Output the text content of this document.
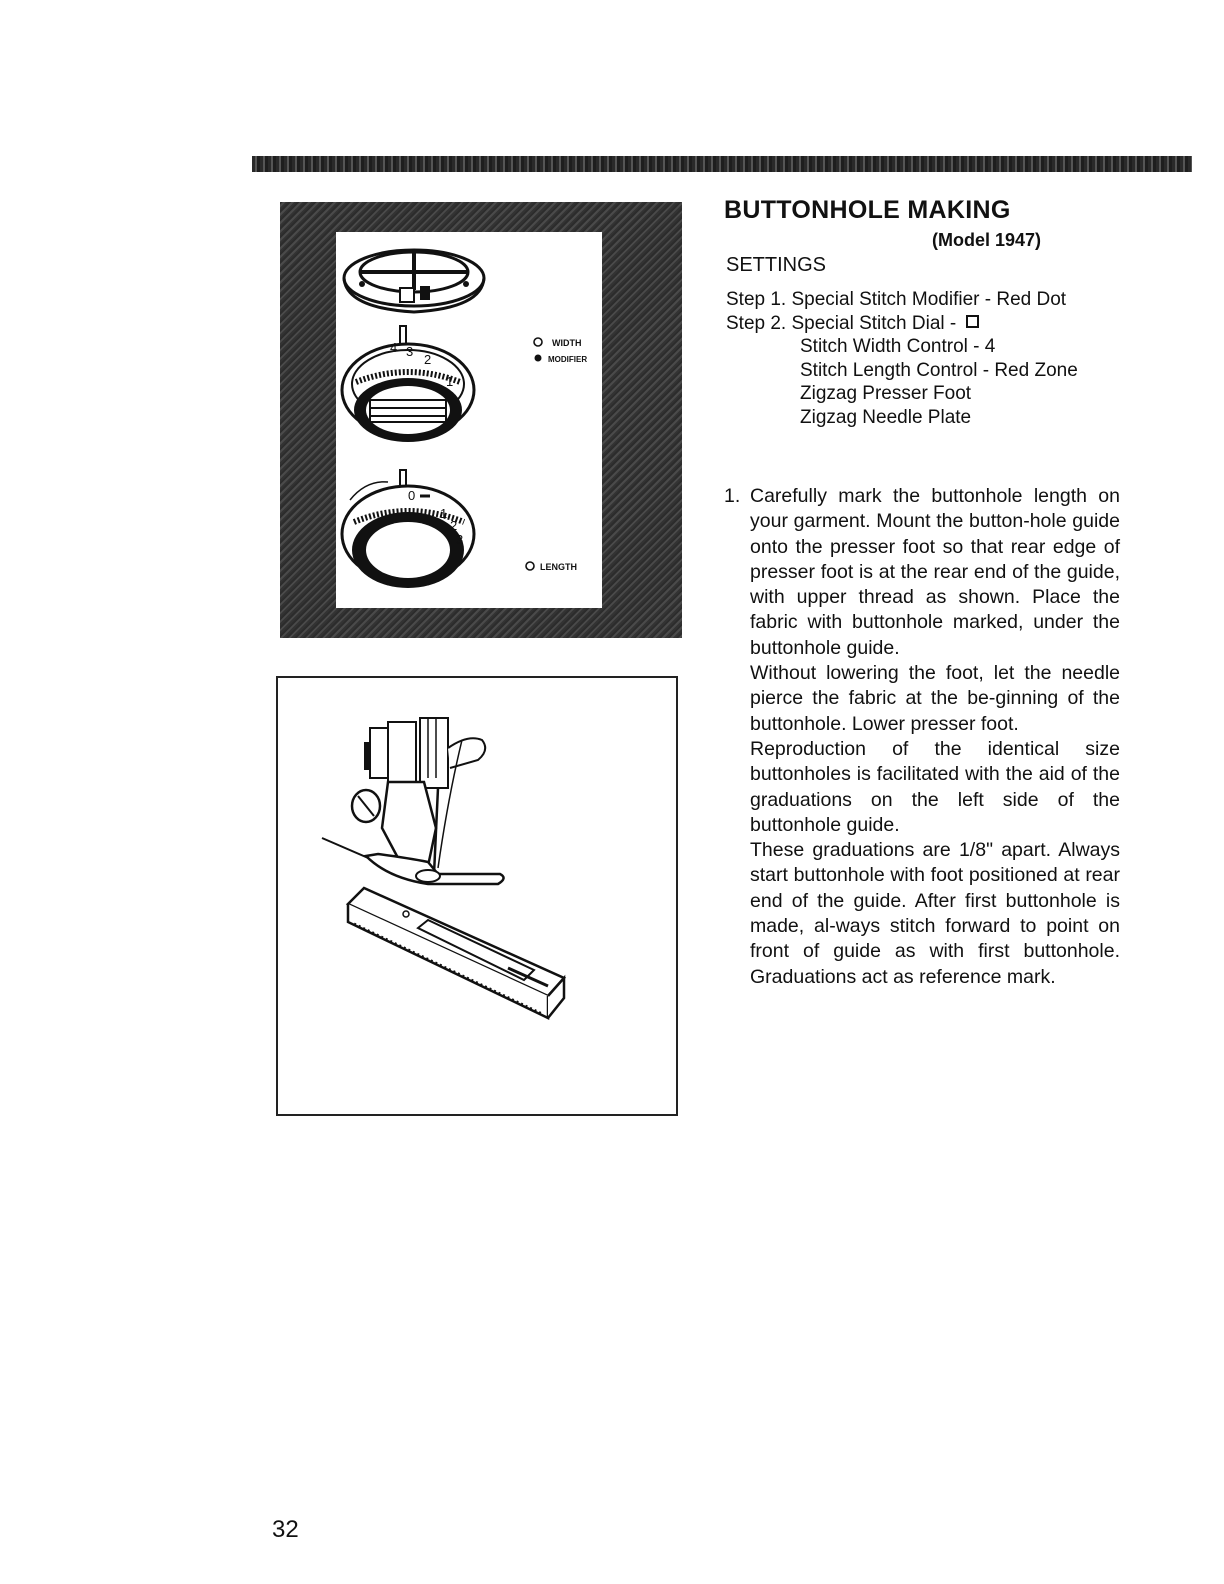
4 3
2
1
WIDTH
MODIFIER
0
1
2
3
LENGTH
BUTTONHOLE MAKING
(Model 1947)
SETTINGS
Step 1. Special Stitch Modifier - Red Dot
Step 2. Special Stitch Dial -
Stitch Width Control - 4
Stitch Length Control - Red Zone
Zigzag Presser Foot
Zigzag Needle Plate
1. Carefully mark the buttonhole length on your garment. Mount the button-hole guide onto the presser foot so that rear edge of presser foot is at the rear end of the guide, with upper thread as shown. Place the fabric with buttonhole marked, under the buttonhole guide.

Without lowering the foot, let the needle pierce the fabric at the be-ginning of the buttonhole. Lower presser foot.

Reproduction of the identical size buttonholes is facilitated with the aid of the graduations on the left side of the buttonhole guide.

These graduations are 1/8" apart. Always start buttonhole with foot positioned at rear end of the guide. After first buttonhole is made, al-ways stitch forward to point on front of guide as with first buttonhole. Graduations act as reference mark.

32
